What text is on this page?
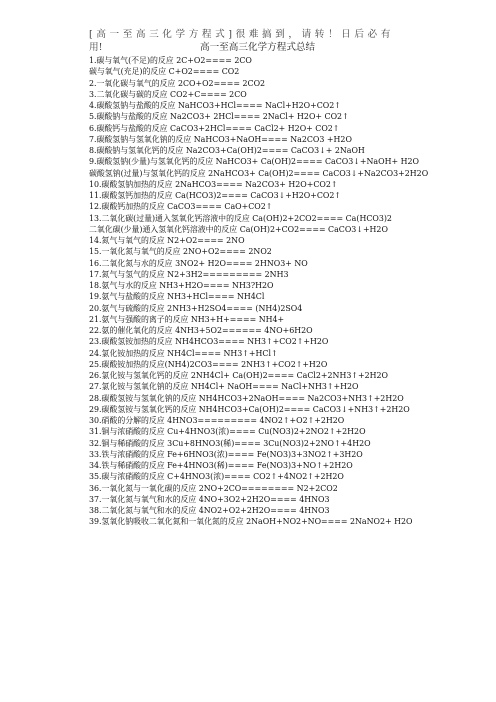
[高一至高三化学方程式]很难搞到，请转！日后必有
用!	高一至高三化学方程式总结
1.碳与氧气(不足)的反应 2C+O2==== 2CO
碳与氧气(充足)的反应 C+O2==== CO2
2.一氧化碳与氧气的反应 2CO+O2==== 2CO2
3.二氧化碳与碳的反应 CO2+C==== 2CO
4.碳酸氢钠与盐酸的反应 NaHCO3+HCl==== NaCl+H2O+CO2↑
5.碳酸钠与盐酸的反应 Na2CO3+ 2HCl==== 2NaCl+ H2O+ CO2↑
6.碳酸钙与盐酸的反应 CaCO3+2HCl==== CaCl2+ H2O+ CO2↑
7.碳酸氢钠与氢氧化钠的反应 NaHCO3+NaOH==== Na2CO3 +H2O
8.碳酸钠与氢氧化钙的反应 Na2CO3+Ca(OH)2==== CaCO3↓+ 2NaOH
9.碳酸氢钠(少量)与氢氧化钙的反应 NaHCO3+ Ca(OH)2==== CaCO3↓+NaOH+ H2O
碳酸氢钠(过量)与氢氧化钙的反应 2NaHCO3+ Ca(OH)2==== CaCO3↓+Na2CO3+2H2O
10.碳酸氢钠加热的反应 2NaHCO3==== Na2CO3+ H2O+CO2↑
11.碳酸氢钙加热的反应 Ca(HCO3)2==== CaCO3↓+H2O+CO2↑
12.碳酸钙加热的反应 CaCO3==== CaO+CO2↑
13.二氧化碳(过量)通入氢氧化钙溶液中的反应 Ca(OH)2+2CO2==== Ca(HCO3)2
二氧化碳(少量)通入氢氧化钙溶液中的反应 Ca(OH)2+CO2==== CaCO3↓+H2O
14.氮气与氧气的反应 N2+O2==== 2NO
15.一氧化氮与氧气的反应 2NO+O2==== 2NO2
16.二氧化氮与水的反应 3NO2+ H2O==== 2HNO3+ NO
17.氮气与氢气的反应 N2+3H2========= 2NH3
18.氨气与水的反应 NH3+H2O==== NH3?H2O
19.氨气与盐酸的反应 NH3+HCl==== NH4Cl
20.氨气与硫酸的反应 2NH3+H2SO4==== (NH4)2SO4
21.氨气与强酸的离子的反应 NH3+H+==== NH4+
22.氨的催化氧化的反应 4NH3+5O2====== 4NO+6H2O
23.碳酸氢铵加热的反应 NH4HCO3==== NH3↑+CO2↑+H2O
24.氯化铵加热的反应 NH4Cl==== NH3↑+HCl↑
25.碳酸铵加热的反应(NH4)2CO3==== 2NH3↑+CO2↑+H2O
26.氯化铵与氢氧化钙的反应 2NH4Cl+ Ca(OH)2==== CaCl2+2NH3↑+2H2O
27.氯化铵与氢氧化钠的反应 NH4Cl+ NaOH==== NaCl+NH3↑+H2O
28.碳酸氢铵与氢氧化钠的反应 NH4HCO3+2NaOH==== Na2CO3+NH3↑+2H2O
29.碳酸氢铵与氢氧化钙的反应 NH4HCO3+Ca(OH)2==== CaCO3↓+NH3↑+2H2O
30.硝酸的分解的反应 4HNO3========= 4NO2↑+O2↑+2H2O
31.铜与浓硝酸的反应 Cu+4HNO3(浓)==== Cu(NO3)2+2NO2↑+2H2O
32.铜与稀硝酸的反应 3Cu+8HNO3(稀)==== 3Cu(NO3)2+2NO↑+4H2O
33.铁与浓硝酸的反应 Fe+6HNO3(浓)==== Fe(NO3)3+3NO2↑+3H2O
34.铁与稀硝酸的反应 Fe+4HNO3(稀)==== Fe(NO3)3+NO↑+2H2O
35.碳与浓硝酸的反应 C+4HNO3(浓)==== CO2↑+4NO2↑+2H2O
36.一氧化氮与一氧化碳的反应 2NO+2CO======== N2+2CO2
37.一氧化氮与氧气和水的反应 4NO+3O2+2H2O==== 4HNO3
38.二氧化氮与氧气和水的反应 4NO2+O2+2H2O==== 4HNO3
39.氢氧化钠吸收二氧化氮和一氧化氮的反应 2NaOH+NO2+NO==== 2NaNO2+ H2O
